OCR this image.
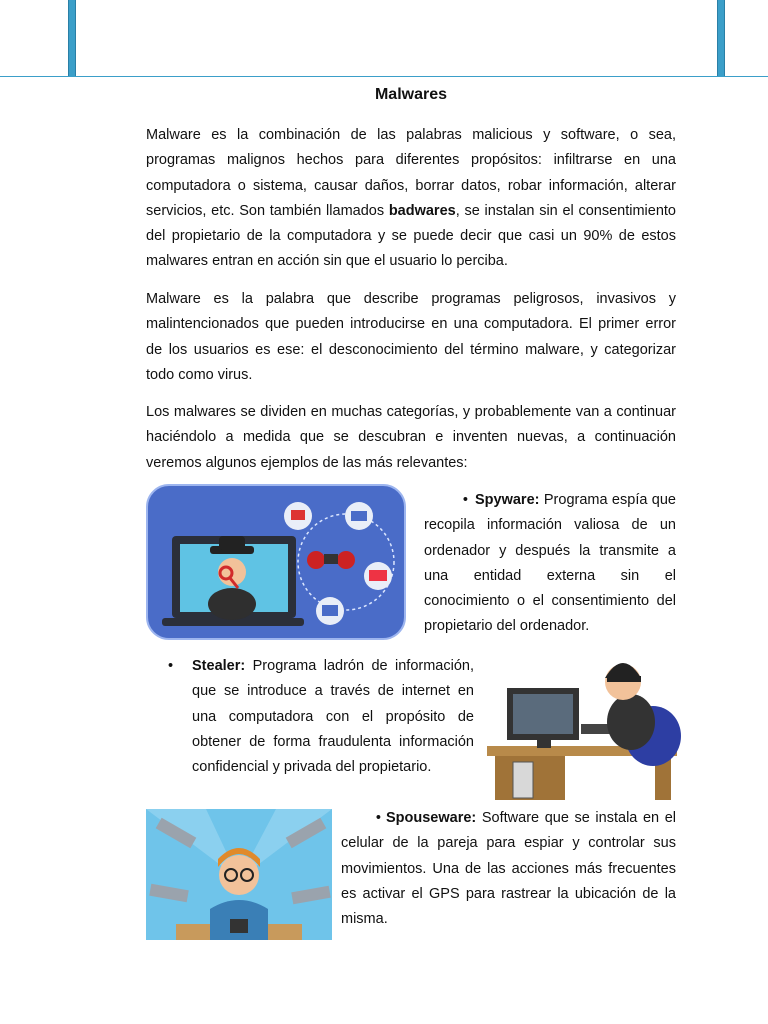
Malwares

Malware es la combinación de las palabras malicious y software, o sea, programas malignos hechos para diferentes propósitos: infiltrarse en una computadora o sistema, causar daños, borrar datos, robar información, alterar servicios, etc. Son también llamados badwares, se instalan sin el consentimiento del propietario de la computadora y se puede decir que casi un 90% de estos malwares entran en acción sin que el usuario lo perciba.

Malware es la palabra que describe programas peligrosos, invasivos y malintencionados que pueden introducirse en una computadora. El primer error de los usuarios es ese: el desconocimiento del término malware, y categorizar todo como virus.

Los malwares se dividen en muchas categorías, y probablemente van a continuar haciéndolo a medida que se descubran e inventen nuevas, a continuación veremos algunos ejemplos de las más relevantes:

• Spyware: Programa espía que recopila información valiosa de un ordenador y después la transmite a una entidad externa sin el conocimiento o el consentimiento del propietario del ordenador.

•	Stealer: Programa ladrón de información, que se introduce a través de internet en una computadora con el propósito de obtener de forma fraudulenta información confidencial y privada del propietario.

• Spouseware: Software que se instala en el celular de la pareja para espiar y controlar sus movimientos. Una de las acciones más frecuentes es activar el GPS para rastrear la ubicación de la misma.
